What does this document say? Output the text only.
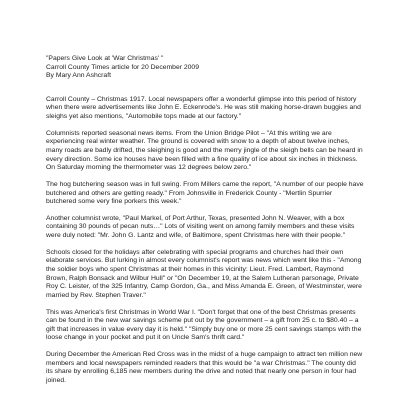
"Papers Give Look at 'War Christmas' "

Carroll County Times article for 20 December 2009

By Mary Ann Ashcraft

Carroll County – Christmas 1917. Local newspapers offer a wonderful glimpse into this period of history when there were advertisements like John E. Eckenrode's. He was still making horse-drawn buggies and sleighs yet also mentions, "Automobile tops made at our factory."

Columnists reported seasonal news items. From the Union Bridge Pilot – "At this writing we are experiencing real winter weather. The ground is covered with snow to a depth of about twelve inches, many roads are badly drifted, the sleighing is good and the merry jingle of the sleigh bells can be heard in every direction. Some ice houses have been filled with a fine quality of ice about six inches in thickness. On Saturday morning the thermometer was 12 degrees below zero."

The hog butchering season was in full swing. From Millers came the report, "A number of our people have butchered and others are getting ready." From Johnsville in Frederick County - "Mertlin Spurrier butchered some very fine porkers this week."

Another columnist wrote, "Paul Markel, of Port Arthur, Texas, presented John N. Weaver, with a box containing 30 pounds of pecan nuts…" Lots of visiting went on among family members and these visits were duly noted: "Mr. John G. Lantz and wife, of Baltimore, spent Christmas here with their people."

Schools closed for the holidays after celebrating with special programs and churches had their own elaborate services. But lurking in almost every columnist's report was news which went like this - "Among the soldier boys who spent Christmas at their homes in this vicinity: Lieut. Fred. Lambert, Raymond Brown, Ralph Bonsack and Wilbur Hull" or "On December 19, at the Salem Lutheran parsonage, Private Roy C. Leister, of the 325 Infantry, Camp Gordon, Ga., and Miss Amanda E. Green, of Westminster, were married by Rev. Stephen Traver."

This was America's first Christmas in World War I. "Don't forget that one of the best Christmas presents can be found in the new war savings scheme put out by the government – a gift from 25 c. to $80.40 – a gift that increases in value every day it is held." "Simply buy one or more 25 cent savings stamps with the loose change in your pocket and put it on Uncle Sam's thrift card."

During December the American Red Cross was in the midst of a huge campaign to attract ten million new members and local newspapers reminded readers that this would be "a war Christmas." The county did its share by enrolling 6,185 new members during the drive and noted that nearly one person in four had joined.
